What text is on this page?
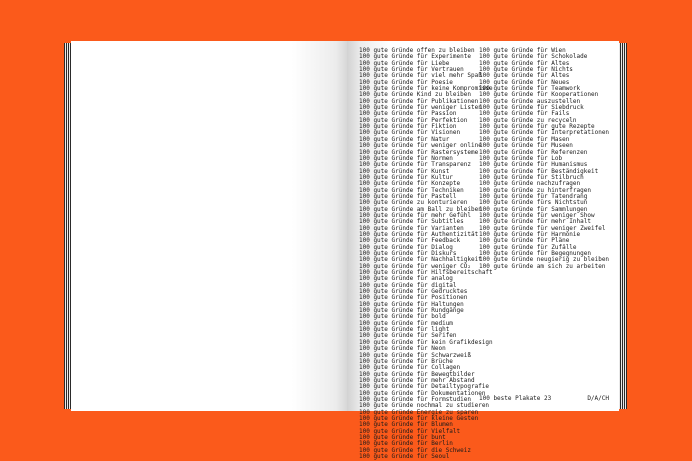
100 gute Gründe offen zu bleiben
100 gute Gründe für Experimente
100 gute Gründe für Liebe
100 gute Gründe für Vertrauen
100 gute Gründe für viel mehr Spaß
100 gute Gründe für Poesie
100 gute Gründe für keine Kompromisse
100 gute Gründe Kind zu bleiben
100 gute Gründe für Publikationen
100 gute Gründe für weniger Listen
100 gute Gründe für Passion
100 gute Gründe für Perfektion
100 gute Gründe für Fiktion
100 gute Gründe für Visionen
100 gute Gründe für Natur
100 gute Gründe für weniger online
100 gute Gründe für Rastersysteme
100 gute Gründe für Normen
100 gute Gründe für Transparenz
100 gute Gründe für Kunst
100 gute Gründe für Kultur
100 gute Gründe für Konzepte
100 gute Gründe für Techniken
100 gute Gründe für Pastell
100 gute Gründe zu konturieren
100 gute Gründe am Ball zu bleiben
100 gute Gründe für mehr Gefühl
100 gute Gründe für Subtitles
100 gute Gründe für Varianten
100 gute Gründe für Authentizität
100 gute Gründe für Feedback
100 gute Gründe für Dialog
100 gute Gründe für Diskurs
100 gute Gründe für Nachhaltigkeit
100 gute Gründe für weniger CO₂
100 gute Gründe für Hilfsbereitschaft
100 gute Gründe für analog
100 gute Gründe für digital
100 gute Gründe für Gedrucktes
100 gute Gründe für Positionen
100 gute Gründe für Haltungen
100 gute Gründe für Rundgänge
100 gute Gründe für bold
100 gute Gründe für medium
100 gute Gründe für light
100 gute Gründe für Serifen
100 gute Gründe für kein Grafikdesign
100 gute Gründe für Neon
100 gute Gründe für Schwarzweiß
100 gute Gründe für Brüche
100 gute Gründe für Collagen
100 gute Gründe für Bewegtbilder
100 gute Gründe für mehr Abstand
100 gute Gründe für Detailtypografie
100 gute Gründe für Dokumentationen
100 gute Gründe für Formstudien
100 gute Gründe nochmal zu studieren
100 gute Gründe Energie zu sparen
100 gute Gründe für kleine Gesten
100 gute Gründe für Blumen
100 gute Gründe für Vielfalt
100 gute Gründe für bunt
100 gute Gründe für Berlin
100 gute Gründe für die Schweiz
100 gute Gründe für Seoul
100 gute Gründe für Wien
100 gute Gründe für Schokolade
100 gute Gründe für Altes
100 gute Gründe für Nichts
100 gute Gründe für Altes
100 gute Gründe für Neues
100 gute Gründe für Teamwork
100 gute Gründe für Kooperationen
100 gute Gründe auszustellen
100 gute Gründe für Siebdruck
100 gute Gründe für Fails
100 gute Gründe zu recyceln
100 gute Gründe für gute Rezepte
100 gute Gründe für Interpretationen
100 gute Gründe für Masen
100 gute Gründe für Museen
100 gute Gründe für Referenzen
100 gute Gründe für Lob
100 gute Gründe für Humanismus
100 gute Gründe für Beständigkeit
100 gute Gründe für Stilbruch
100 gute Gründe nachzufragen
100 gute Gründe zu hinterfragen
100 gute Gründe für Tatendrang
100 gute Gründe fürs Nichtstun
100 gute Gründe für Sammlungen
100 gute Gründe für weniger Show
100 gute Gründe für mehr Inhalt
100 gute Gründe für weniger Zweifel
100 gute Gründe für Harmonie
100 gute Gründe für Pläne
100 gute Gründe für Zufälle
100 gute Gründe für Begegnungen
100 gute Gründe neugierig zu bleiben
100 gute Gründe am sich zu arbeiten
100 beste Plakate 23	D/A/CH
